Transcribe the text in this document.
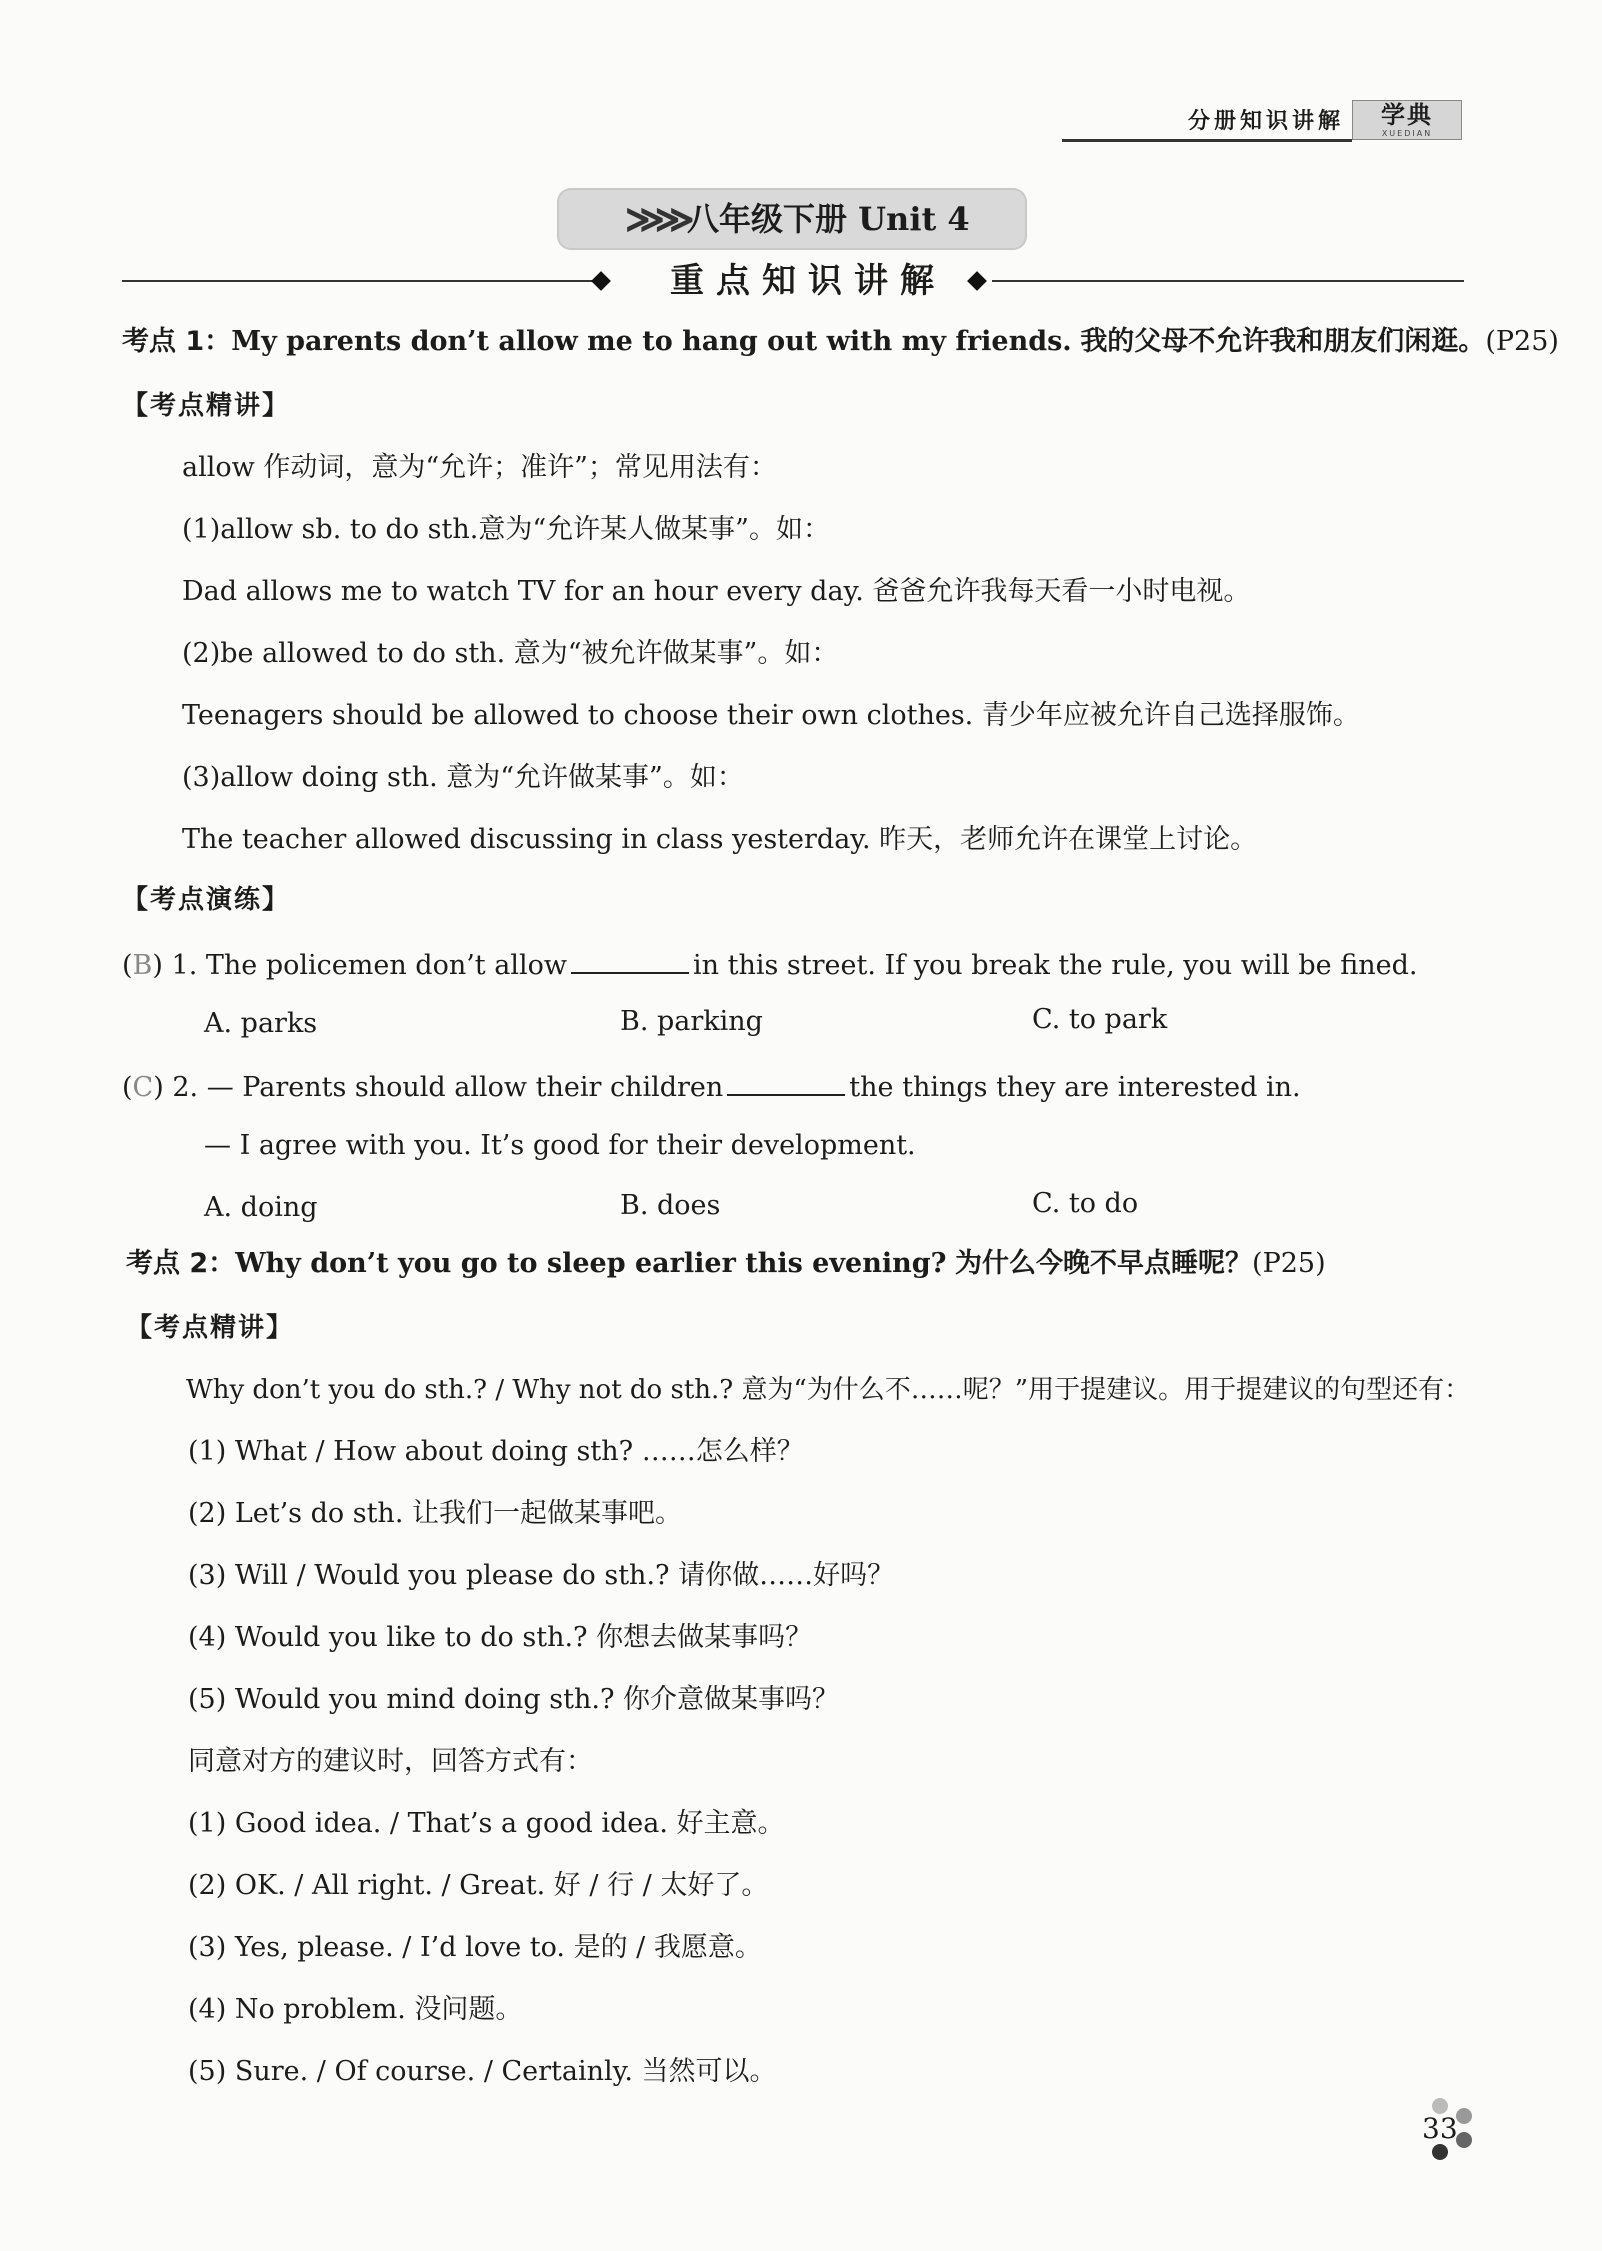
分册知识讲解	学典
XUEDIAN
≫≫ 八年级下册 Unit 4
重点知识讲解
考点 1：My parents don’t allow me to hang out with my friends. 我的父母不允许我和朋友们闲逛。(P25)
【考点精讲】
allow 作动词，意为“允许；准许”；常见用法有：
(1)allow sb. to do sth.意为“允许某人做某事”。如：
Dad allows me to watch TV for an hour every day. 爸爸允许我每天看一小时电视。
(2)be allowed to do sth. 意为“被允许做某事”。如：
Teenagers should be allowed to choose their own clothes. 青少年应被允许自己选择服饰。
(3)allow doing sth. 意为“允许做某事”。如：
The teacher allowed discussing in class yesterday. 昨天，老师允许在课堂上讨论。
【考点演练】
(B) 1. The policemen don’t allow	in this street. If you break the rule, you will be fined.
A. parks	B. parking	C. to park
(C) 2. — Parents should allow their children	the things they are interested in.
— I agree with you. It’s good for their development.
A. doing	B. does	C. to do
考点 2：Why don’t you go to sleep earlier this evening? 为什么今晚不早点睡呢？(P25)
【考点精讲】
Why don’t you do sth.? / Why not do sth.? 意为“为什么不……呢？”用于提建议。用于提建议的句型还有：
(1) What / How about doing sth? ……怎么样？
(2) Let’s do sth. 让我们一起做某事吧。
(3) Will / Would you please do sth.? 请你做……好吗？
(4) Would you like to do sth.? 你想去做某事吗？
(5) Would you mind doing sth.? 你介意做某事吗？
同意对方的建议时，回答方式有：
(1) Good idea. / That’s a good idea. 好主意。
(2) OK. / All right. / Great. 好 / 行 / 太好了。
(3) Yes, please. / I’d love to. 是的 / 我愿意。
(4) No problem. 没问题。
(5) Sure. / Of course. / Certainly. 当然可以。
33
